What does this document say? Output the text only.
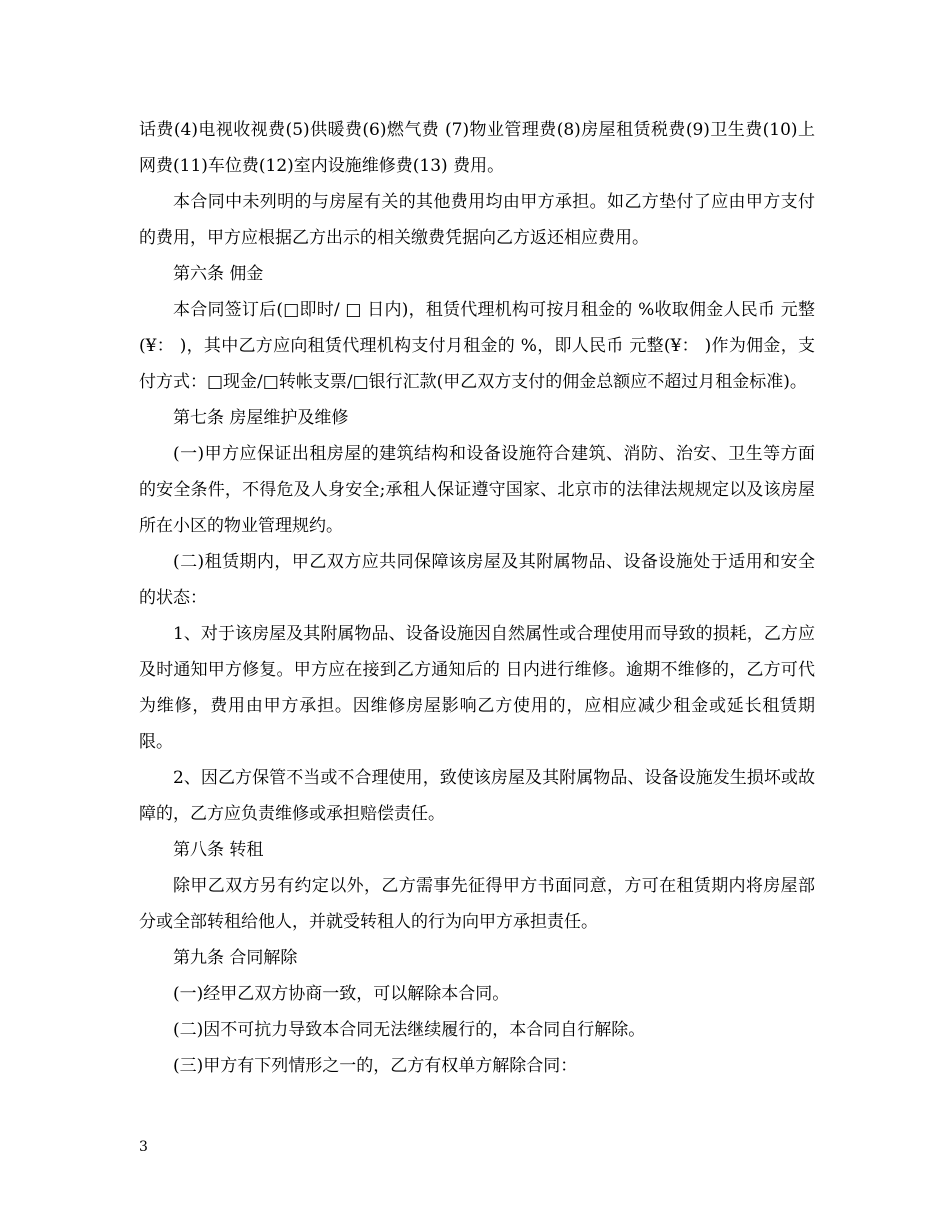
话费(4)电视收视费(5)供暖费(6)燃气费 (7)物业管理费(8)房屋租赁税费(9)卫生费(10)上网费(11)车位费(12)室内设施维修费(13) 费用。

本合同中未列明的与房屋有关的其他费用均由甲方承担。如乙方垫付了应由甲方支付的费用，甲方应根据乙方出示的相关缴费凭据向乙方返还相应费用。

第六条 佣金

本合同签订后(□即时/ □ 日内)，租赁代理机构可按月租金的 %收取佣金人民币 元整(¥： )，其中乙方应向租赁代理机构支付月租金的 %，即人民币 元整(¥： )作为佣金，支付方式：□现金/□转帐支票/□银行汇款(甲乙双方支付的佣金总额应不超过月租金标准)。

第七条 房屋维护及维修

(一)甲方应保证出租房屋的建筑结构和设备设施符合建筑、消防、治安、卫生等方面的安全条件，不得危及人身安全;承租人保证遵守国家、北京市的法律法规规定以及该房屋所在小区的物业管理规约。

(二)租赁期内，甲乙双方应共同保障该房屋及其附属物品、设备设施处于适用和安全的状态：

1、对于该房屋及其附属物品、设备设施因自然属性或合理使用而导致的损耗，乙方应及时通知甲方修复。甲方应在接到乙方通知后的 日内进行维修。逾期不维修的，乙方可代为维修，费用由甲方承担。因维修房屋影响乙方使用的，应相应减少租金或延长租赁期限。

2、因乙方保管不当或不合理使用，致使该房屋及其附属物品、设备设施发生损坏或故障的，乙方应负责维修或承担赔偿责任。

第八条 转租

除甲乙双方另有约定以外，乙方需事先征得甲方书面同意，方可在租赁期内将房屋部分或全部转租给他人，并就受转租人的行为向甲方承担责任。

第九条 合同解除

(一)经甲乙双方协商一致，可以解除本合同。

(二)因不可抗力导致本合同无法继续履行的，本合同自行解除。

(三)甲方有下列情形之一的，乙方有权单方解除合同：

3
